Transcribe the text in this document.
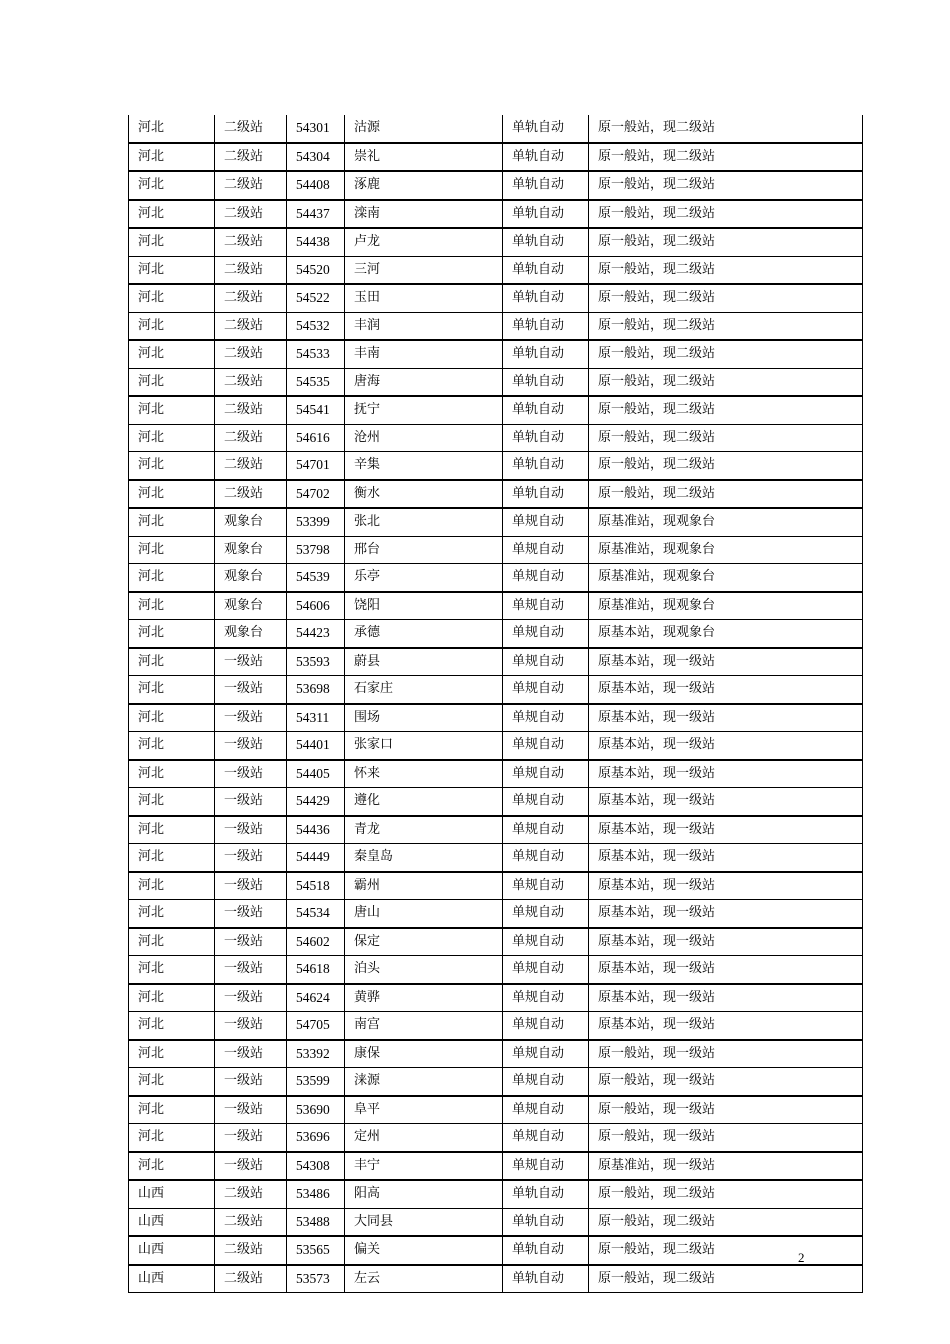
河北	二级站	54301	沽源	单轨自动	原一般站，现二级站
河北	二级站	54304	崇礼	单轨自动	原一般站，现二级站
河北	二级站	54408	涿鹿	单轨自动	原一般站，现二级站
河北	二级站	54437	滦南	单轨自动	原一般站，现二级站
河北	二级站	54438	卢龙	单轨自动	原一般站，现二级站
河北	二级站	54520	三河	单轨自动	原一般站，现二级站
河北	二级站	54522	玉田	单轨自动	原一般站，现二级站
河北	二级站	54532	丰润	单轨自动	原一般站，现二级站
河北	二级站	54533	丰南	单轨自动	原一般站，现二级站
河北	二级站	54535	唐海	单轨自动	原一般站，现二级站
河北	二级站	54541	抚宁	单轨自动	原一般站，现二级站
河北	二级站	54616	沧州	单轨自动	原一般站，现二级站
河北	二级站	54701	辛集	单轨自动	原一般站，现二级站
河北	二级站	54702	衡水	单轨自动	原一般站，现二级站
河北	观象台	53399	张北	单规自动	原基准站，现观象台
河北	观象台	53798	邢台	单规自动	原基准站，现观象台
河北	观象台	54539	乐亭	单规自动	原基准站，现观象台
河北	观象台	54606	饶阳	单规自动	原基准站，现观象台
河北	观象台	54423	承德	单规自动	原基本站，现观象台
河北	一级站	53593	蔚县	单规自动	原基本站，现一级站
河北	一级站	53698	石家庄	单规自动	原基本站，现一级站
河北	一级站	54311	围场	单规自动	原基本站，现一级站
河北	一级站	54401	张家口	单规自动	原基本站，现一级站
河北	一级站	54405	怀来	单规自动	原基本站，现一级站
河北	一级站	54429	遵化	单规自动	原基本站，现一级站
河北	一级站	54436	青龙	单规自动	原基本站，现一级站
河北	一级站	54449	秦皇岛	单规自动	原基本站，现一级站
河北	一级站	54518	霸州	单规自动	原基本站，现一级站
河北	一级站	54534	唐山	单规自动	原基本站，现一级站
河北	一级站	54602	保定	单规自动	原基本站，现一级站
河北	一级站	54618	泊头	单规自动	原基本站，现一级站
河北	一级站	54624	黄骅	单规自动	原基本站，现一级站
河北	一级站	54705	南宫	单规自动	原基本站，现一级站
河北	一级站	53392	康保	单规自动	原一般站，现一级站
河北	一级站	53599	涞源	单规自动	原一般站，现一级站
河北	一级站	53690	阜平	单规自动	原一般站，现一级站
河北	一级站	53696	定州	单规自动	原一般站，现一级站
河北	一级站	54308	丰宁	单规自动	原基准站，现一级站
山西	二级站	53486	阳高	单轨自动	原一般站，现二级站
山西	二级站	53488	大同县	单轨自动	原一般站，现二级站
山西	二级站	53565	偏关	单轨自动	原一般站，现二级站
山西	二级站	53573	左云	单轨自动	原一般站，现二级站
2
